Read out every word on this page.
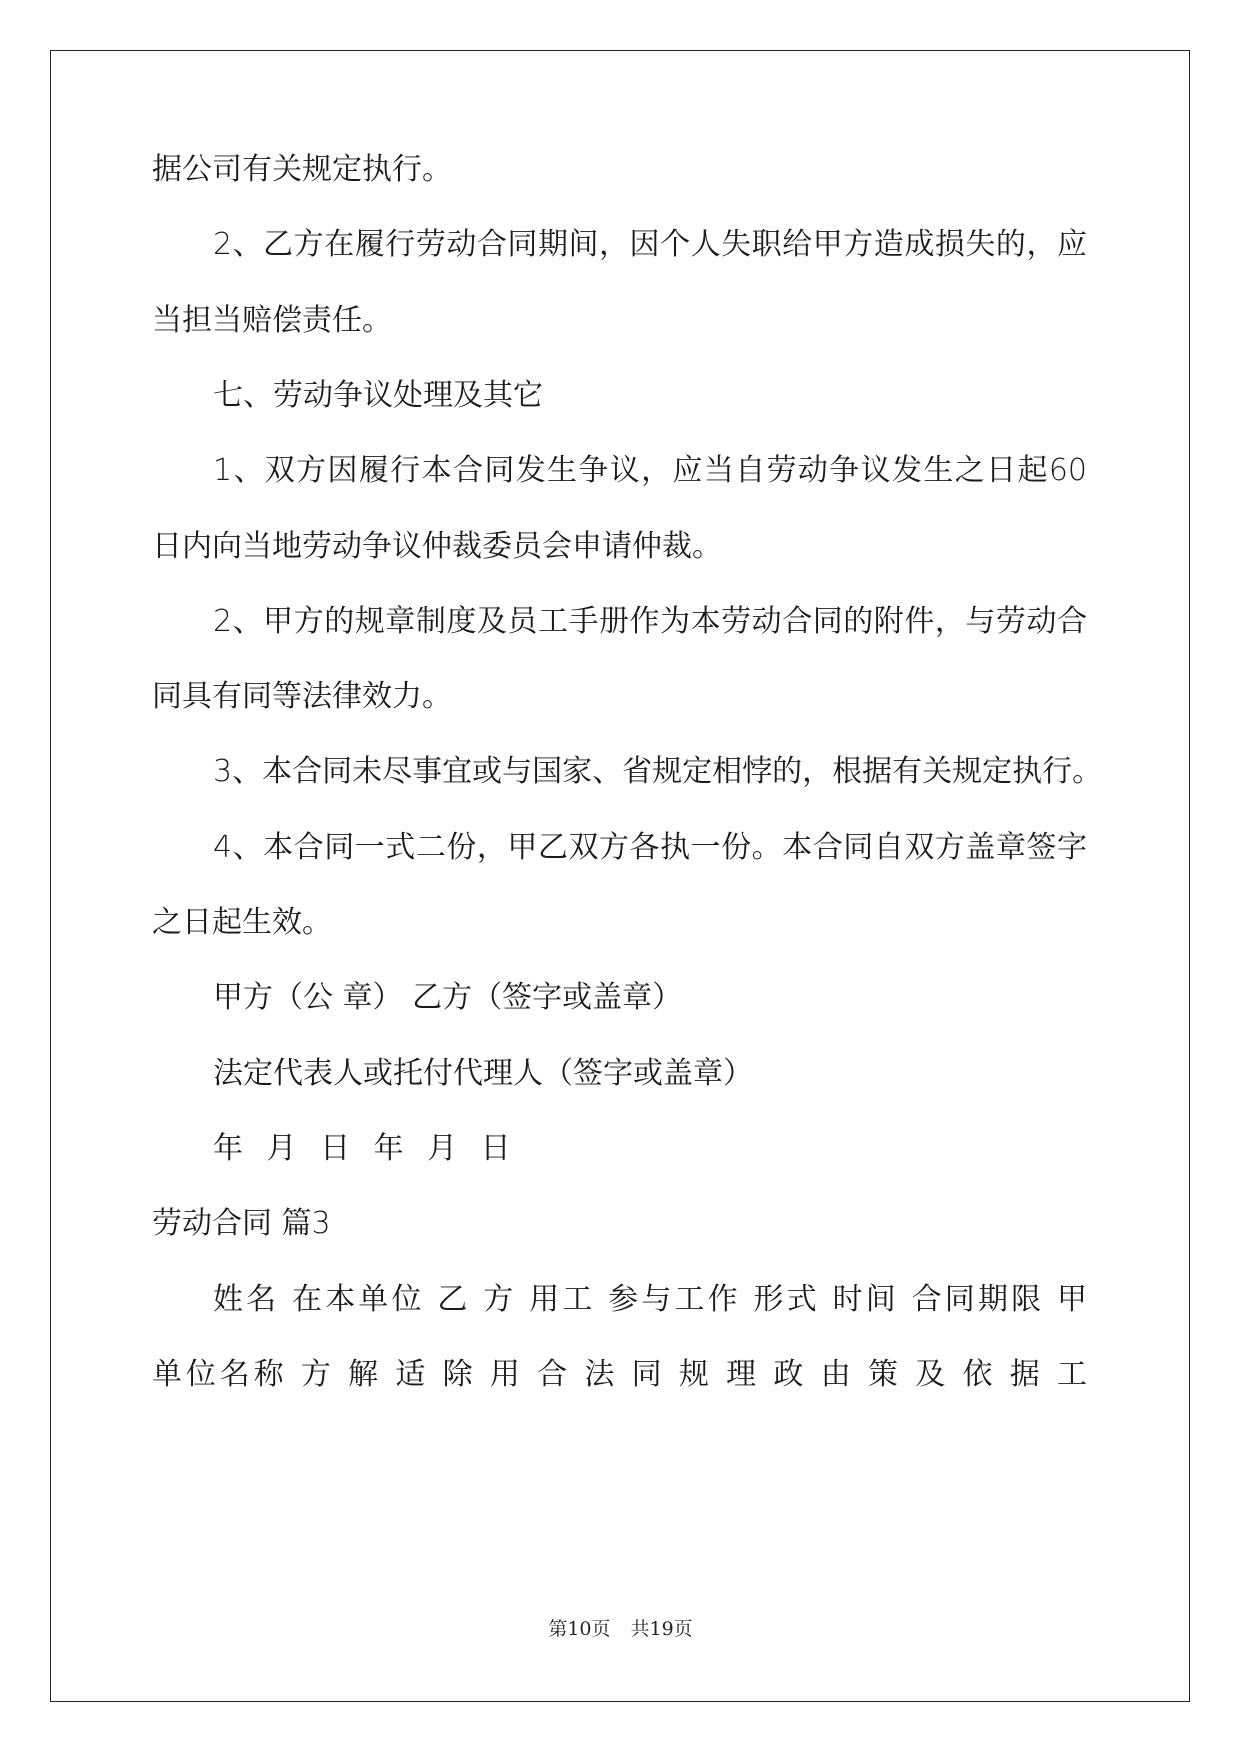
据公司有关规定执行。

2、乙方在履行劳动合同期间，因个人失职给甲方造成损失的，应

当担当赔偿责任。

七、劳动争议处理及其它

1、双方因履行本合同发生争议，应当自劳动争议发生之日起60

日内向当地劳动争议仲裁委员会申请仲裁。

2、甲方的规章制度及员工手册作为本劳动合同的附件，与劳动合

同具有同等法律效力。

3、本合同未尽事宜或与国家、省规定相悖的，根据有关规定执行。

4、本合同一式二份，甲乙双方各执一份。本合同自双方盖章签字

之日起生效。

甲方（公 章） 乙方（签字或盖章）

法定代表人或托付代理人（签字或盖章）

年 月 日 年 月 日

劳动合同 篇3

姓名 在本单位 乙 方 用工 参与工作 形式 时间 合同期限 甲

单位名称 方 解 适 除 用 合 法 同 规 理 政 由 策 及 依 据 工

第10页 共19页
